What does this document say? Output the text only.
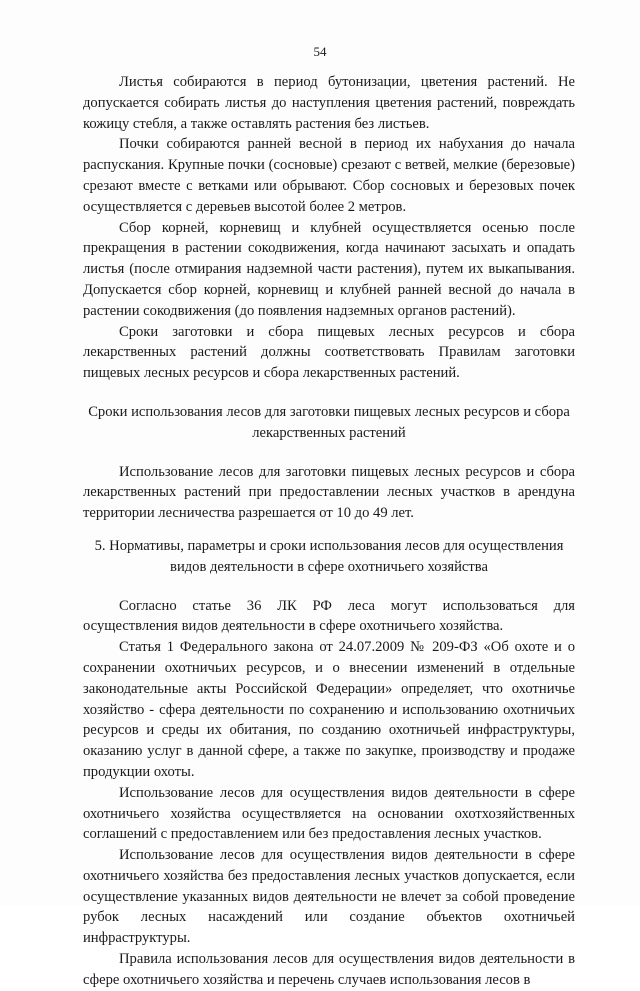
54

Листья собираются в период бутонизации, цветения растений. Не допускается собирать листья до наступления цветения растений, повреждать кожицу стебля, а также оставлять растения без листьев.

Почки собираются ранней весной в период их набухания до начала распускания. Крупные почки (сосновые) срезают с ветвей, мелкие (березовые) срезают вместе с ветками или обрывают. Сбор сосновых и березовых почек осуществляется с деревьев высотой более 2 метров.

Сбор корней, корневищ и клубней осуществляется осенью после прекращения в растении сокодвижения, когда начинают засыхать и опадать листья (после отмирания надземной части растения), путем их выкапывания. Допускается сбор корней, корневищ и клубней ранней весной до начала в растении сокодвижения (до появления надземных органов растений).

Сроки заготовки и сбора пищевых лесных ресурсов и сбора лекарственных растений должны соответствовать Правилам заготовки пищевых лесных ресурсов и сбора лекарственных растений.

Сроки использования лесов для заготовки пищевых лесных ресурсов и сбора лекарственных растений

Использование лесов для заготовки пищевых лесных ресурсов и сбора лекарственных растений при предоставлении лесных участков в арендуна территории лесничества разрешается от 10 до 49 лет.

5. Нормативы, параметры и сроки использования лесов для осуществления видов деятельности в сфере охотничьего хозяйства

Согласно статье 36 ЛК РФ леса могут использоваться для осуществления видов деятельности в сфере охотничьего хозяйства.

Статья 1 Федерального закона от 24.07.2009 № 209-ФЗ «Об охоте и о сохранении охотничьих ресурсов, и о внесении изменений в отдельные законодательные акты Российской Федерации» определяет, что охотничье хозяйство - сфера деятельности по сохранению и использованию охотничьих ресурсов и среды их обитания, по созданию охотничьей инфраструктуры, оказанию услуг в данной сфере, а также по закупке, производству и продаже продукции охоты.

Использование лесов для осуществления видов деятельности в сфере охотничьего хозяйства осуществляется на основании охотхозяйственных соглашений с предоставлением или без предоставления лесных участков.

Использование лесов для осуществления видов деятельности в сфере охотничьего хозяйства без предоставления лесных участков допускается, если осуществление указанных видов деятельности не влечет за собой проведение рубок лесных насаждений или создание объектов охотничьей инфраструктуры.

Правила использования лесов для осуществления видов деятельности в сфере охотничьего хозяйства и перечень случаев использования лесов в
